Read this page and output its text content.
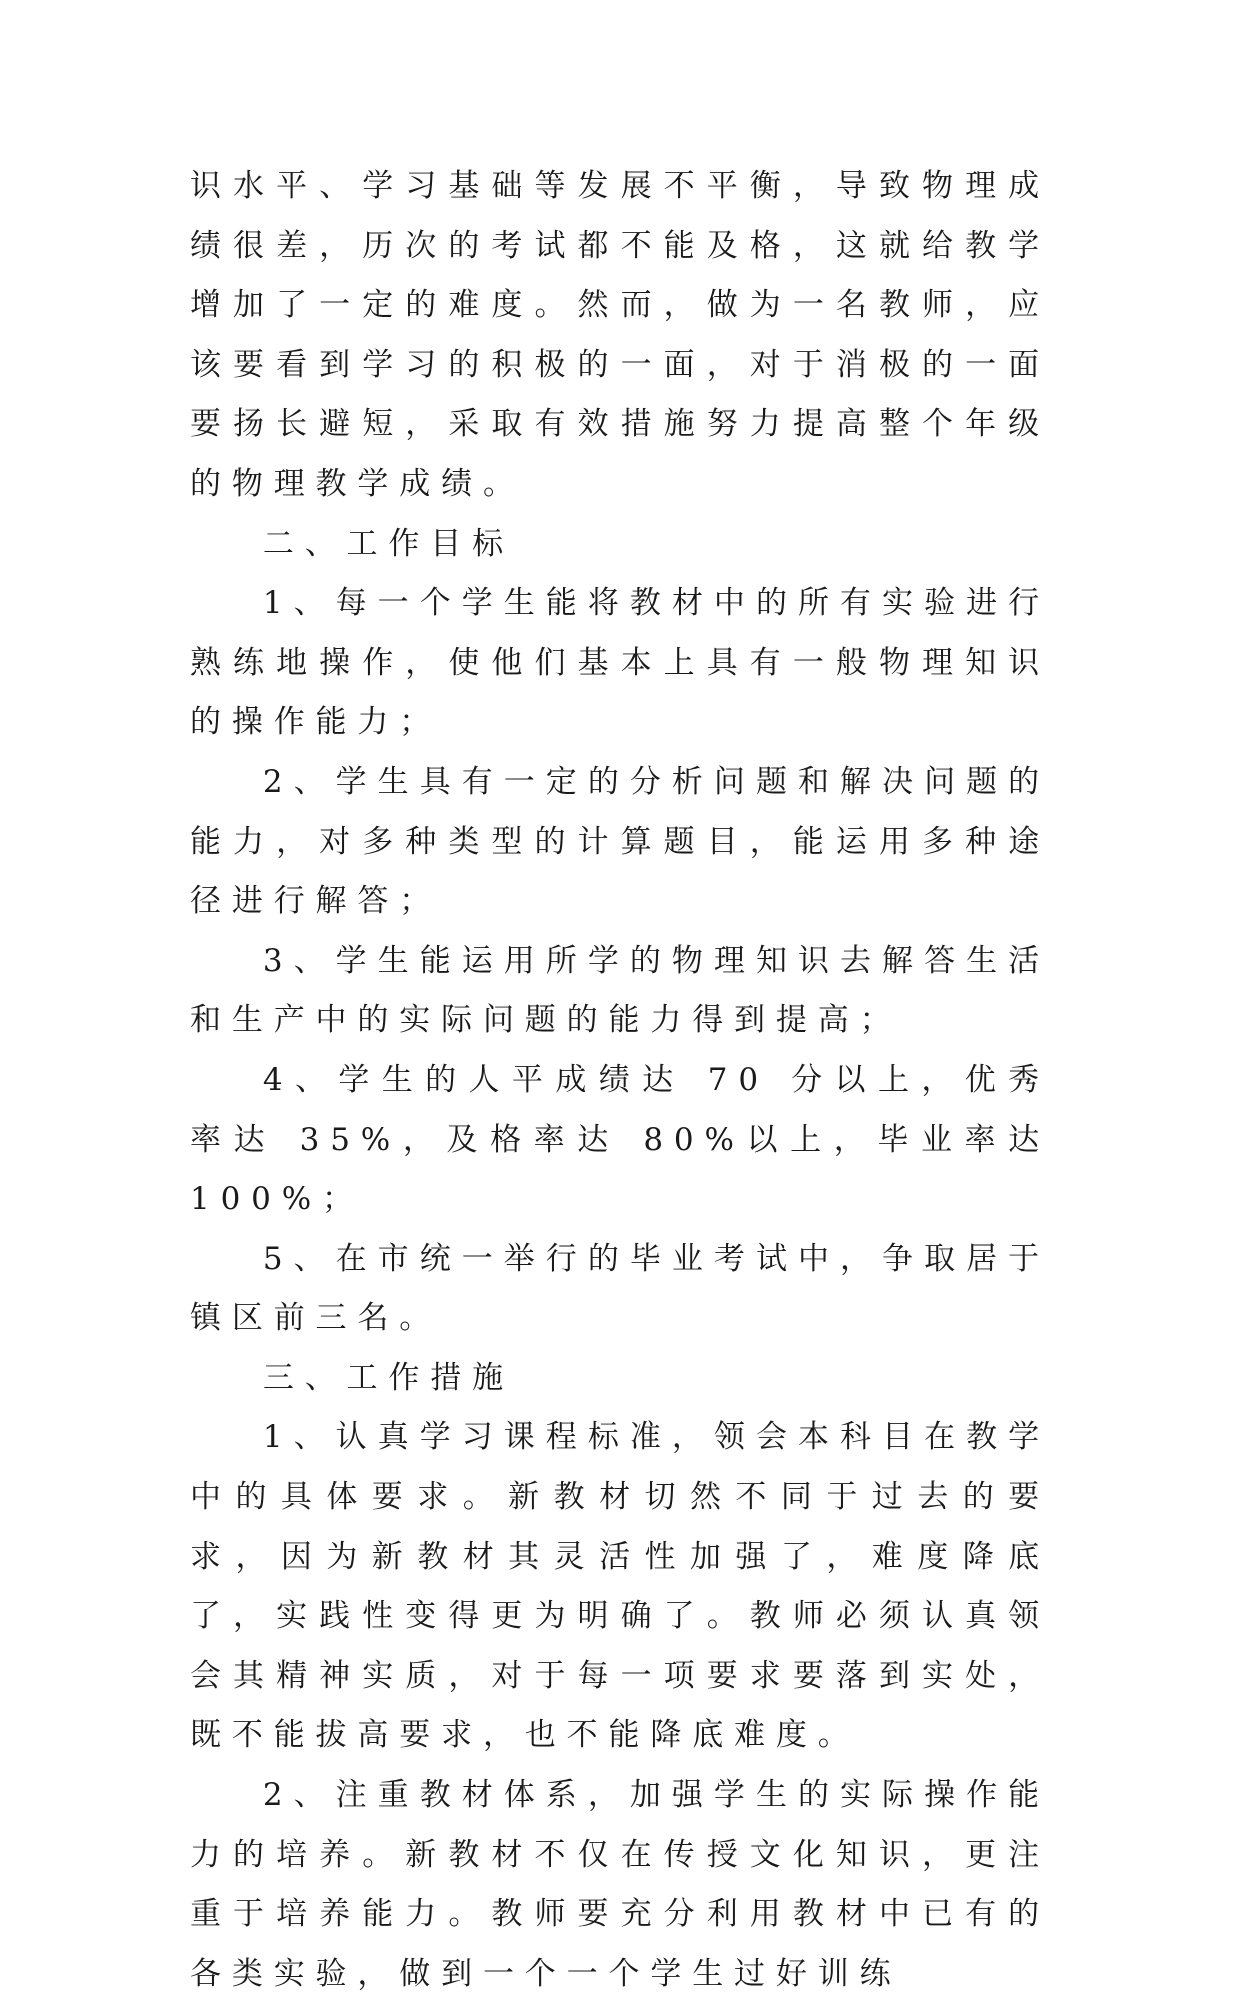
识水平、学习基础等发展不平衡，导致物理成绩很差，历次的考试都不能及格，这就给教学增加了一定的难度。然而，做为一名教师，应该要看到学习的积极的一面，对于消极的一面要扬长避短，采取有效措施努力提高整个年级的物理教学成绩。

二、工作目标

1、每一个学生能将教材中的所有实验进行熟练地操作，使他们基本上具有一般物理知识的操作能力；

2、学生具有一定的分析问题和解决问题的能力，对多种类型的计算题目，能运用多种途径进行解答；

3、学生能运用所学的物理知识去解答生活和生产中的实际问题的能力得到提高；

4、学生的人平成绩达 70 分以上，优秀率达 35%，及格率达 80%以上，毕业率达 100%；

5、在市统一举行的毕业考试中，争取居于镇区前三名。

三、工作措施

1、认真学习课程标准，领会本科目在教学中的具体要求。新教材切然不同于过去的要求，因为新教材其灵活性加强了，难度降底了，实践性变得更为明确了。教师必须认真领会其精神实质，对于每一项要求要落到实处，既不能拔高要求，也不能降底难度。

2、注重教材体系，加强学生的实际操作能力的培养。新教材不仅在传授文化知识，更注重于培养能力。教师要充分利用教材中已有的各类实验，做到一个一个学生过好训练
